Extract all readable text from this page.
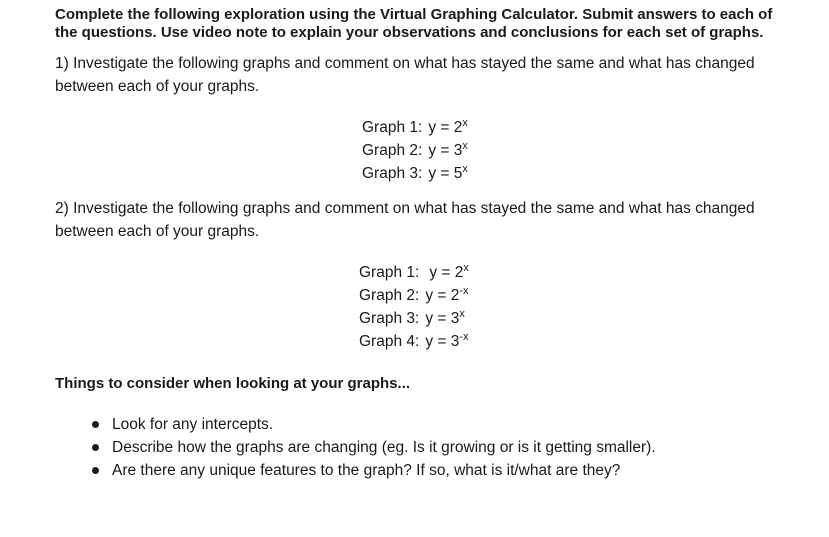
Complete the following exploration using the Virtual Graphing Calculator. Submit answers to each of the questions. Use video note to explain your observations and conclusions for each set of graphs.

1) Investigate the following graphs and comment on what has stayed the same and what has changed between each of your graphs.

Graph 1: $y = 2^x$
Graph 2: $y = 3^x$
Graph 3: $y = 5^x$

2) Investigate the following graphs and comment on what has stayed the same and what has changed between each of your graphs.

Graph 1: $y = 2^x$
Graph 2: $y = 2^{-x}$
Graph 3: $y = 3^x$
Graph 4: $y = 3^{-x}$

Things to consider when looking at your graphs...

Look for any intercepts.
Describe how the graphs are changing (eg. Is it growing or is it getting smaller).
Are there any unique features to the graph? If so, what is it/what are they?
